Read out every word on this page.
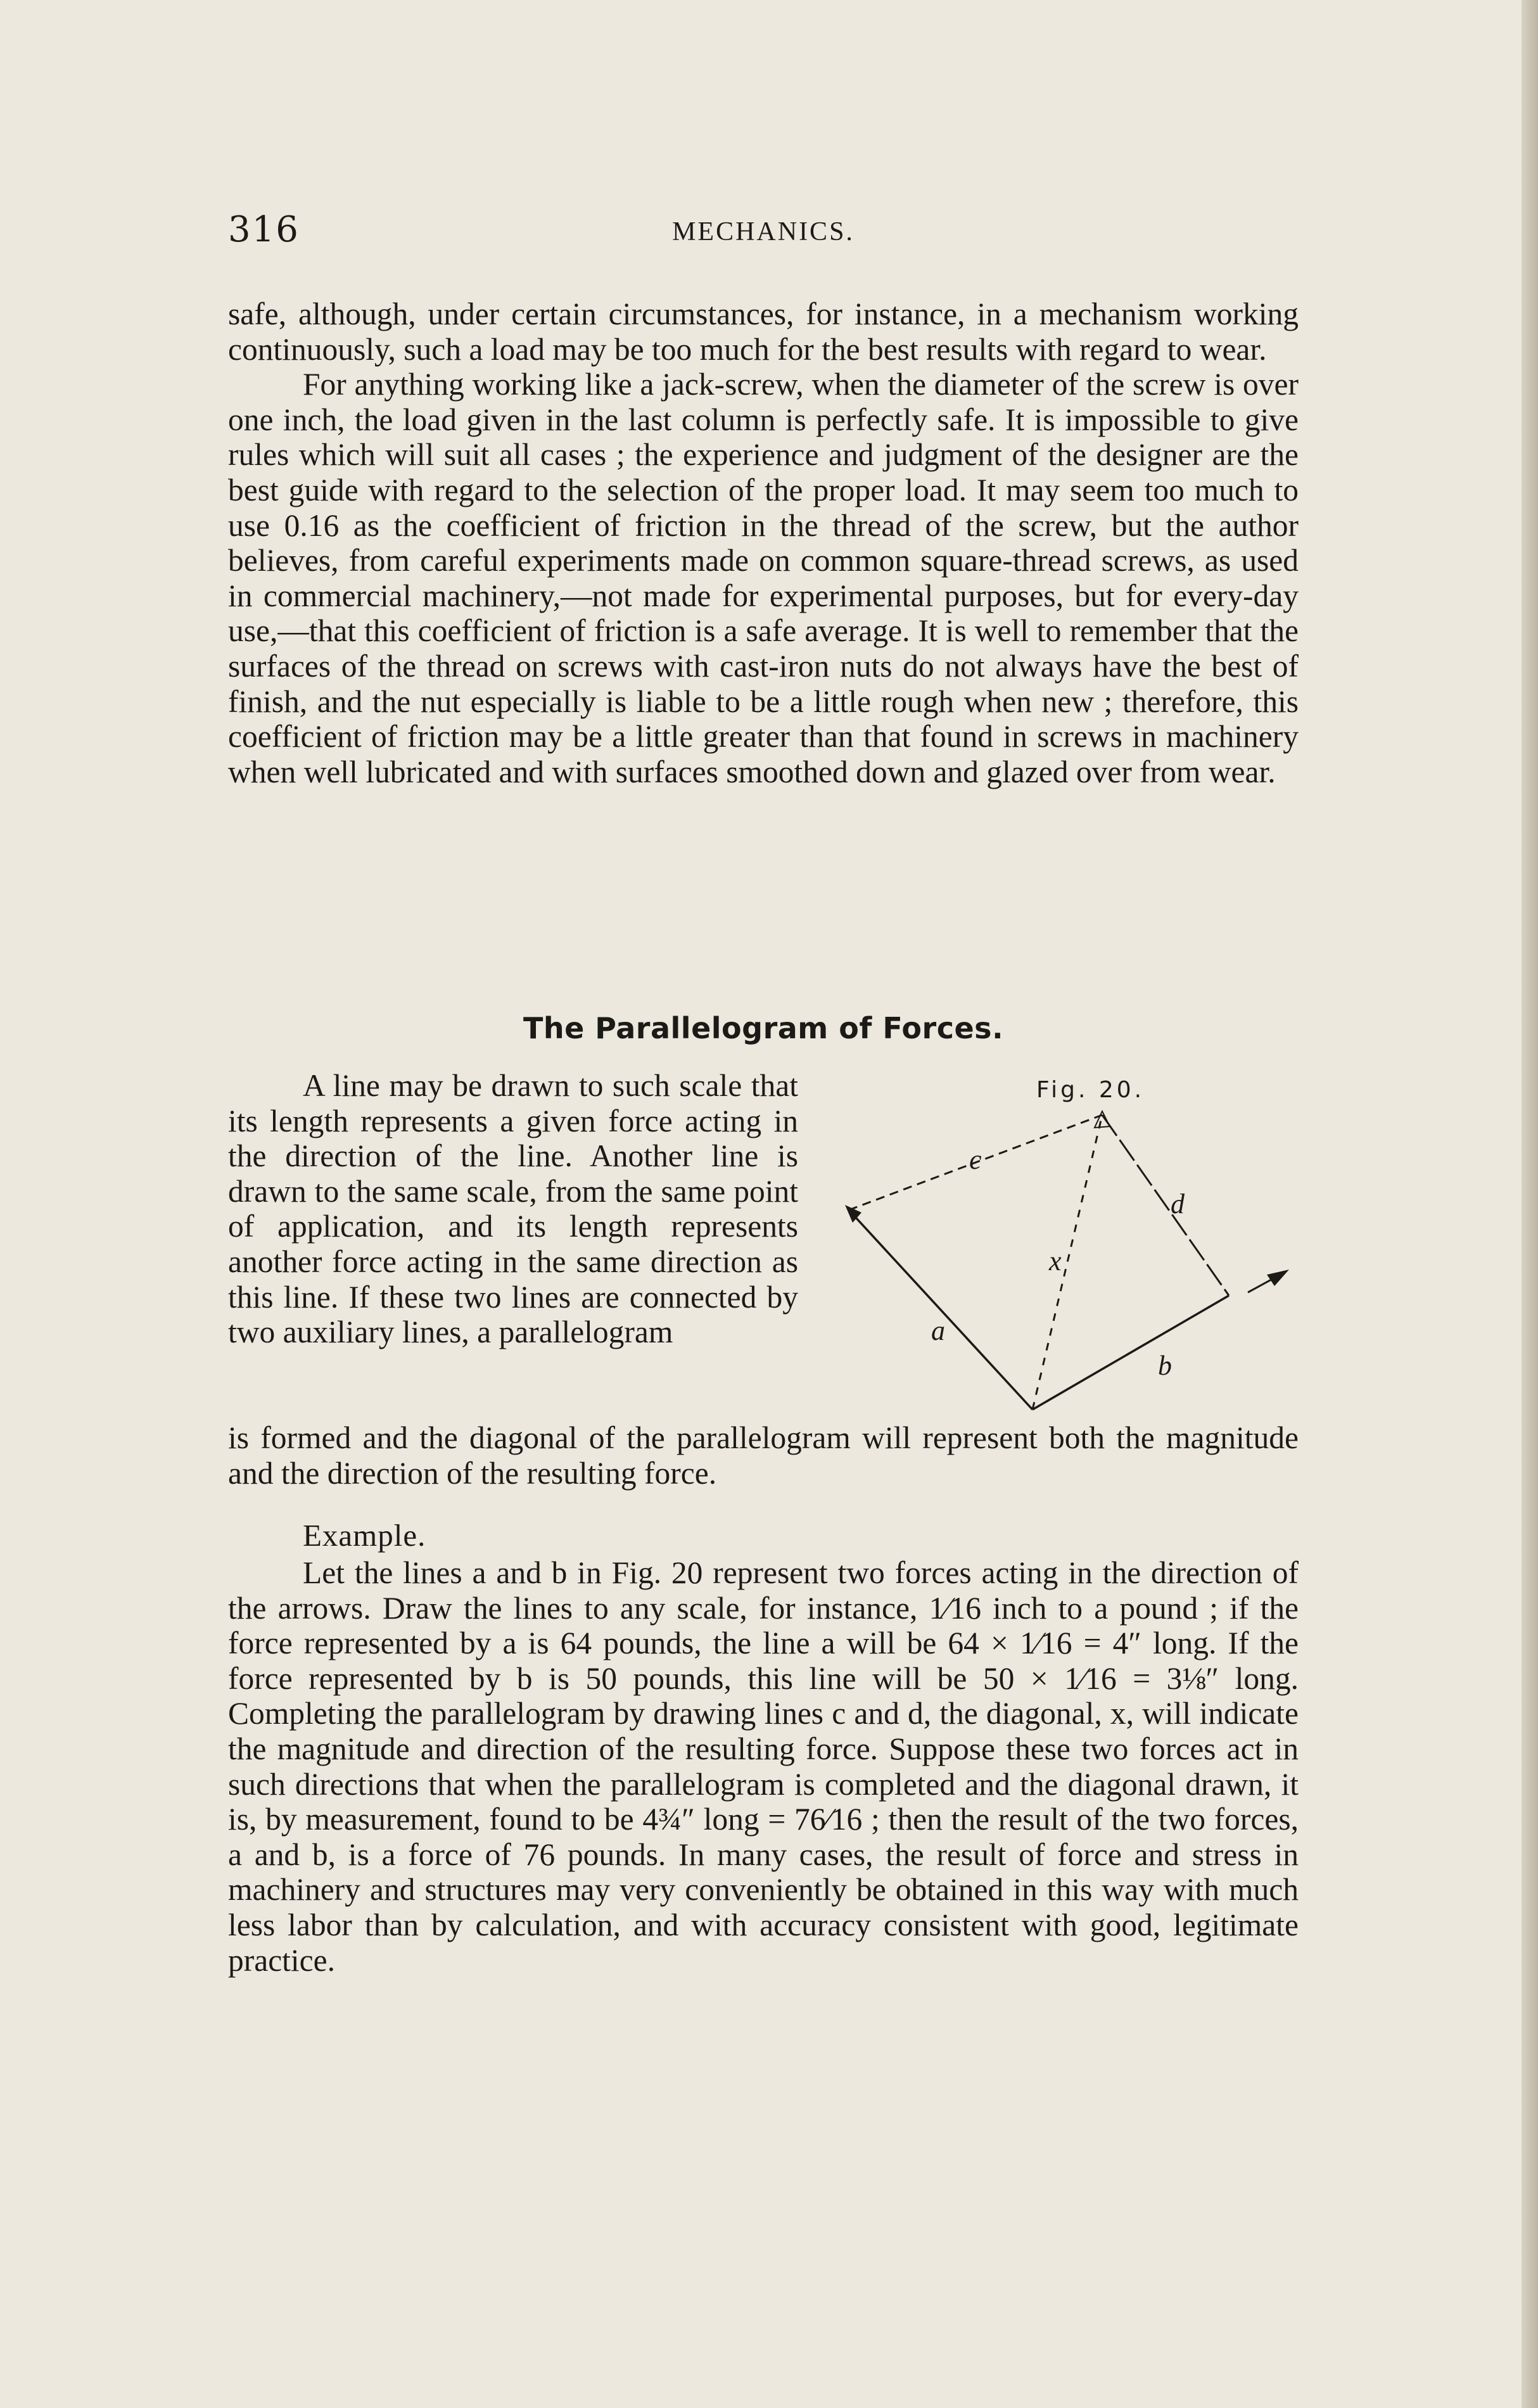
316	MECHANICS.

safe, although, under certain circumstances, for instance, in a mechanism working continuously, such a load may be too much for the best results with regard to wear.

For anything working like a jack-screw, when the diameter of the screw is over one inch, the load given in the last column is perfectly safe. It is impossible to give rules which will suit all cases ; the experience and judgment of the designer are the best guide with regard to the selection of the proper load. It may seem too much to use 0.16 as the coefficient of friction in the thread of the screw, but the author believes, from careful experiments made on common square-thread screws, as used in commercial machinery,—not made for experimental purposes, but for every-day use,—that this coefficient of friction is a safe average. It is well to remember that the surfaces of the thread on screws with cast-iron nuts do not always have the best of finish, and the nut especially is liable to be a little rough when new ; therefore, this coefficient of friction may be a little greater than that found in screws in machinery when well lubricated and with surfaces smoothed down and glazed over from wear.

The Parallelogram of Forces.
A line may be drawn to such scale that its length represents a given force acting in the direction of the line. Another line is drawn to the same scale, from the same point of application, and its length represents another force acting in the same direction as this line. If these two lines are connected by two auxiliary lines, a parallelogram
Fig. 20.
c
d
a
b
x
is formed and the diagonal of the parallelogram will represent both the magnitude and the direction of the resulting force.
Example.
Let the lines a and b in Fig. 20 represent two forces acting in the direction of the arrows. Draw the lines to any scale, for instance, 1⁄16 inch to a pound ; if the force represented by a is 64 pounds, the line a will be 64 × 1⁄16 = 4″ long. If the force represented by b is 50 pounds, this line will be 50 × 1⁄16 = 3⅛″ long. Completing the parallelogram by drawing lines c and d, the diagonal, x, will indicate the magnitude and direction of the resulting force. Suppose these two forces act in such directions that when the parallelogram is completed and the diagonal drawn, it is, by measurement, found to be 4¾″ long = 76⁄16 ; then the result of the two forces, a and b, is a force of 76 pounds. In many cases, the result of force and stress in machinery and structures may very conveniently be obtained in this way with much less labor than by calculation, and with accuracy consistent with good, legitimate practice.
